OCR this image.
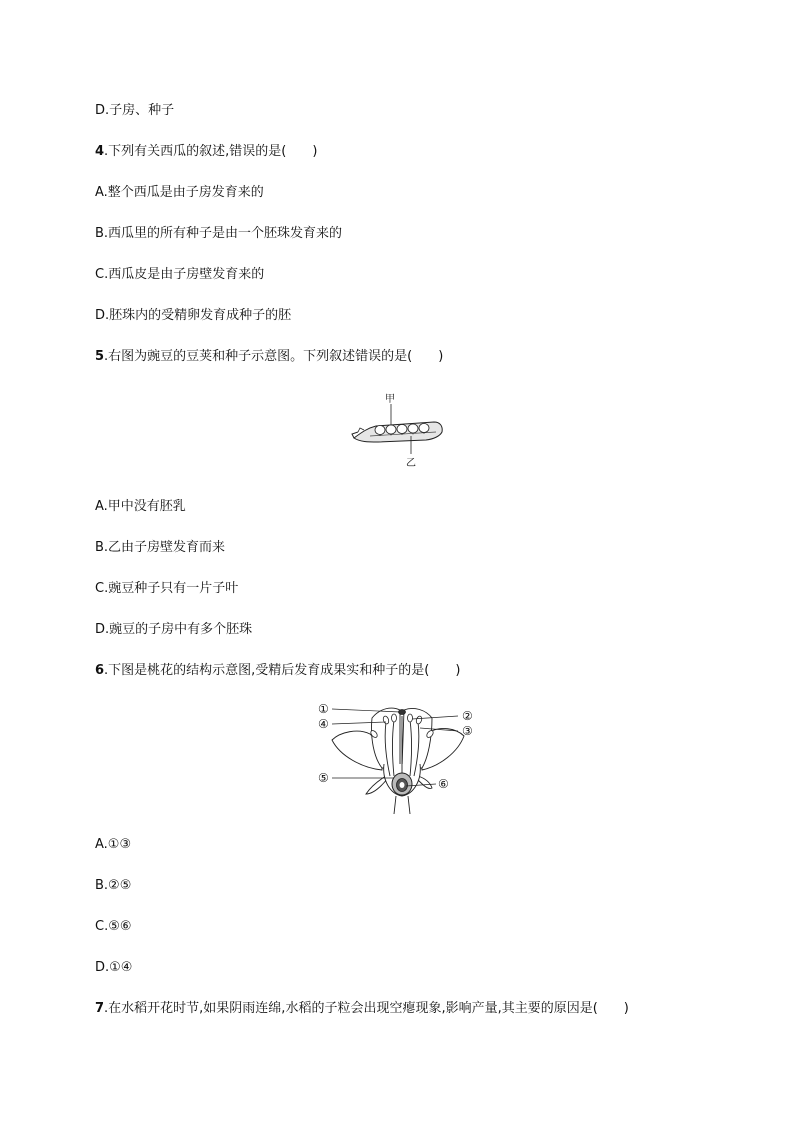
D.子房、种子
4.下列有关西瓜的叙述,错误的是(　　)
A.整个西瓜是由子房发育来的
B.西瓜里的所有种子是由一个胚珠发育来的
C.西瓜皮是由子房壁发育来的
D.胚珠内的受精卵发育成种子的胚
5.右图为豌豆的豆荚和种子示意图。下列叙述错误的是(　　)
甲
乙
A.甲中没有胚乳
B.乙由子房壁发育而来
C.豌豆种子只有一片子叶
D.豌豆的子房中有多个胚珠
6.下图是桃花的结构示意图,受精后发育成果实和种子的是(　　)
①
④
②
③
⑤	⑥
A.①③
B.②⑤
C.⑤⑥
D.①④
7.在水稻开花时节,如果阴雨连绵,水稻的子粒会出现空瘪现象,影响产量,其主要的原因是(　　)
